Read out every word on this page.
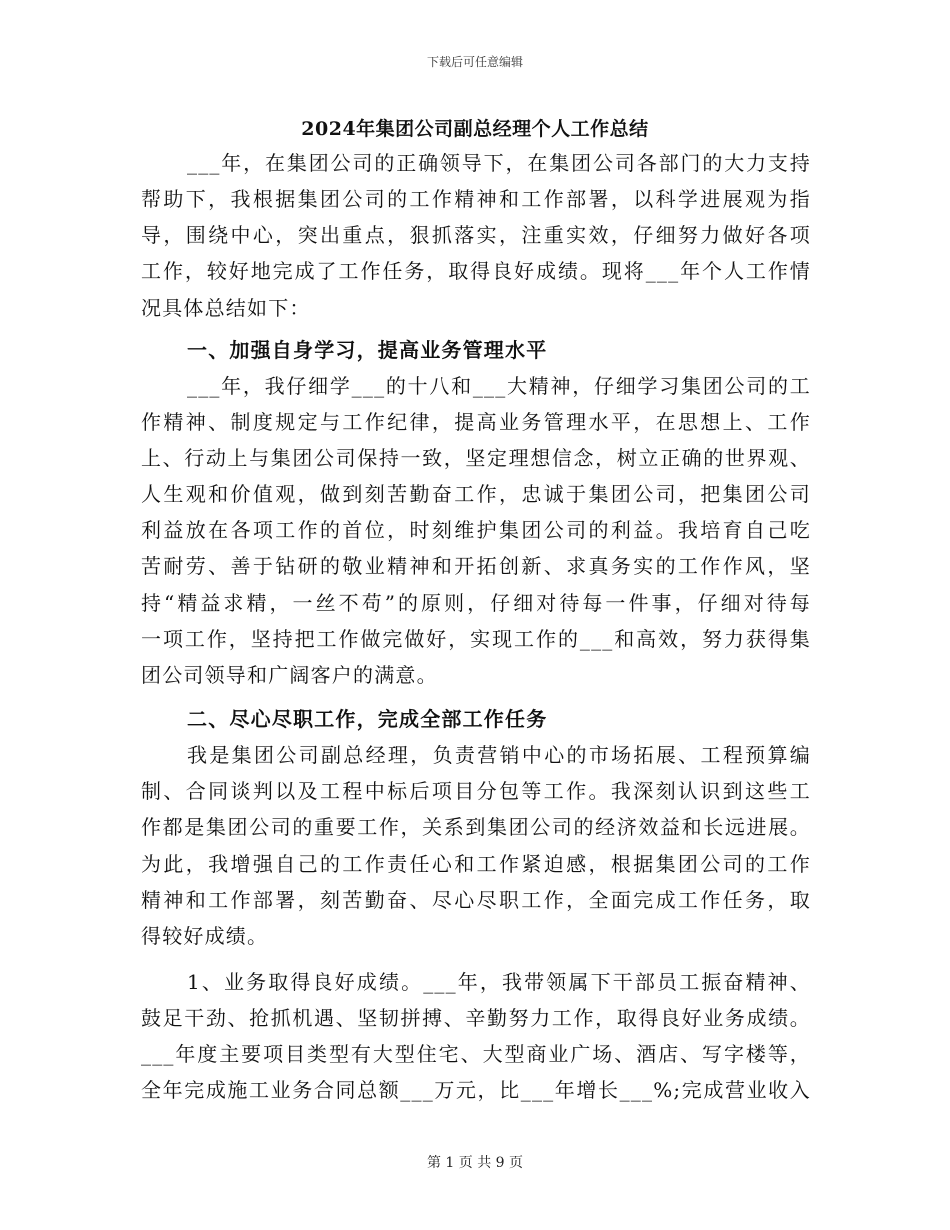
下载后可任意编辑
2024年集团公司副总经理个人工作总结
___年，在集团公司的正确领导下，在集团公司各部门的大力支持
帮助下，我根据集团公司的工作精神和工作部署，以科学进展观为指
导，围绕中心，突出重点，狠抓落实，注重实效，仔细努力做好各项
工作，较好地完成了工作任务，取得良好成绩。现将___年个人工作情
况具体总结如下：
一、加强自身学习，提高业务管理水平
___年，我仔细学___的十八和___大精神，仔细学习集团公司的工
作精神、制度规定与工作纪律，提高业务管理水平，在思想上、工作
上、行动上与集团公司保持一致，坚定理想信念，树立正确的世界观、
人生观和价值观，做到刻苦勤奋工作，忠诚于集团公司，把集团公司
利益放在各项工作的首位，时刻维护集团公司的利益。我培育自己吃
苦耐劳、善于钻研的敬业精神和开拓创新、求真务实的工作作风，坚
持“精益求精，一丝不苟”的原则，仔细对待每一件事，仔细对待每
一项工作，坚持把工作做完做好，实现工作的___和高效，努力获得集
团公司领导和广阔客户的满意。
二、尽心尽职工作，完成全部工作任务
我是集团公司副总经理，负责营销中心的市场拓展、工程预算编
制、合同谈判以及工程中标后项目分包等工作。我深刻认识到这些工
作都是集团公司的重要工作，关系到集团公司的经济效益和长远进展。
为此，我增强自己的工作责任心和工作紧迫感，根据集团公司的工作
精神和工作部署，刻苦勤奋、尽心尽职工作，全面完成工作任务，取
得较好成绩。
1、业务取得良好成绩。___年，我带领属下干部员工振奋精神、
鼓足干劲、抢抓机遇、坚韧拼搏、辛勤努力工作，取得良好业务成绩。
___年度主要项目类型有大型住宅、大型商业广场、酒店、写字楼等，
全年完成施工业务合同总额___万元，比___年增长___%;完成营业收入
第 1 页 共 9 页
